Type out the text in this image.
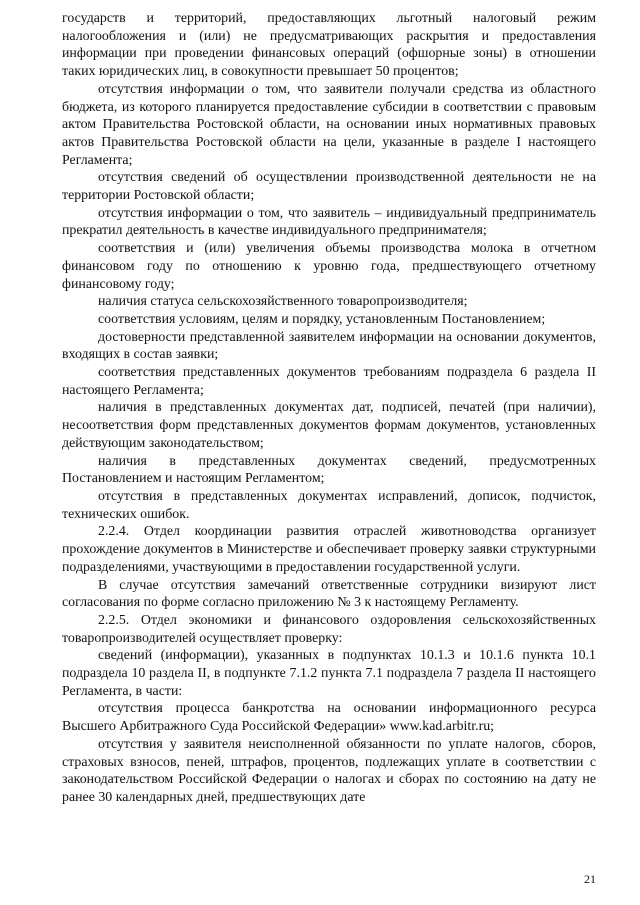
государств и территорий, предоставляющих льготный налоговый режим налогообложения и (или) не предусматривающих раскрытия и предоставления информации при проведении финансовых операций (офшорные зоны) в отношении таких юридических лиц, в совокупности превышает 50 процентов;

отсутствия информации о том, что заявители получали средства из областного бюджета, из которого планируется предоставление субсидии в соответствии с правовым актом Правительства Ростовской области, на основании иных нормативных правовых актов Правительства Ростовской области на цели, указанные в разделе I настоящего Регламента;

отсутствия сведений об осуществлении производственной деятельности не на территории Ростовской области;

отсутствия информации о том, что заявитель – индивидуальный предприниматель прекратил деятельность в качестве индивидуального предпринимателя;

соответствия и (или) увеличения объемы производства молока в отчетном финансовом году по отношению к уровню года, предшествующего отчетному финансовому году;

наличия статуса сельскохозяйственного товаропроизводителя;

соответствия условиям, целям и порядку, установленным Постановлением;

достоверности представленной заявителем информации на основании документов, входящих в состав заявки;

соответствия представленных документов требованиям подраздела 6 раздела II настоящего Регламента;

наличия в представленных документах дат, подписей, печатей (при наличии), несоответствия форм представленных документов формам документов, установленных действующим законодательством;

наличия в представленных документах сведений, предусмотренных Постановлением и настоящим Регламентом;

отсутствия в представленных документах исправлений, дописок, подчисток, технических ошибок.

2.2.4. Отдел координации развития отраслей животноводства организует прохождение документов в Министерстве и обеспечивает проверку заявки структурными подразделениями, участвующими в предоставлении государственной услуги.

В случае отсутствия замечаний ответственные сотрудники визируют лист согласования по форме согласно приложению № 3 к настоящему Регламенту.

2.2.5. Отдел экономики и финансового оздоровления сельскохозяйственных товаропроизводителей осуществляет проверку:

сведений (информации), указанных в подпунктах 10.1.3 и 10.1.6 пункта 10.1 подраздела 10 раздела II, в подпункте 7.1.2 пункта 7.1 подраздела 7 раздела II настоящего Регламента, в части:

отсутствия процесса банкротства на основании информационного ресурса Высшего Арбитражного Суда Российской Федерации» www.kad.arbitr.ru;

отсутствия у заявителя неисполненной обязанности по уплате налогов, сборов, страховых взносов, пеней, штрафов, процентов, подлежащих уплате в соответствии с законодательством Российской Федерации о налогах и сборах по состоянию на дату не ранее 30 календарных дней, предшествующих дате

21
